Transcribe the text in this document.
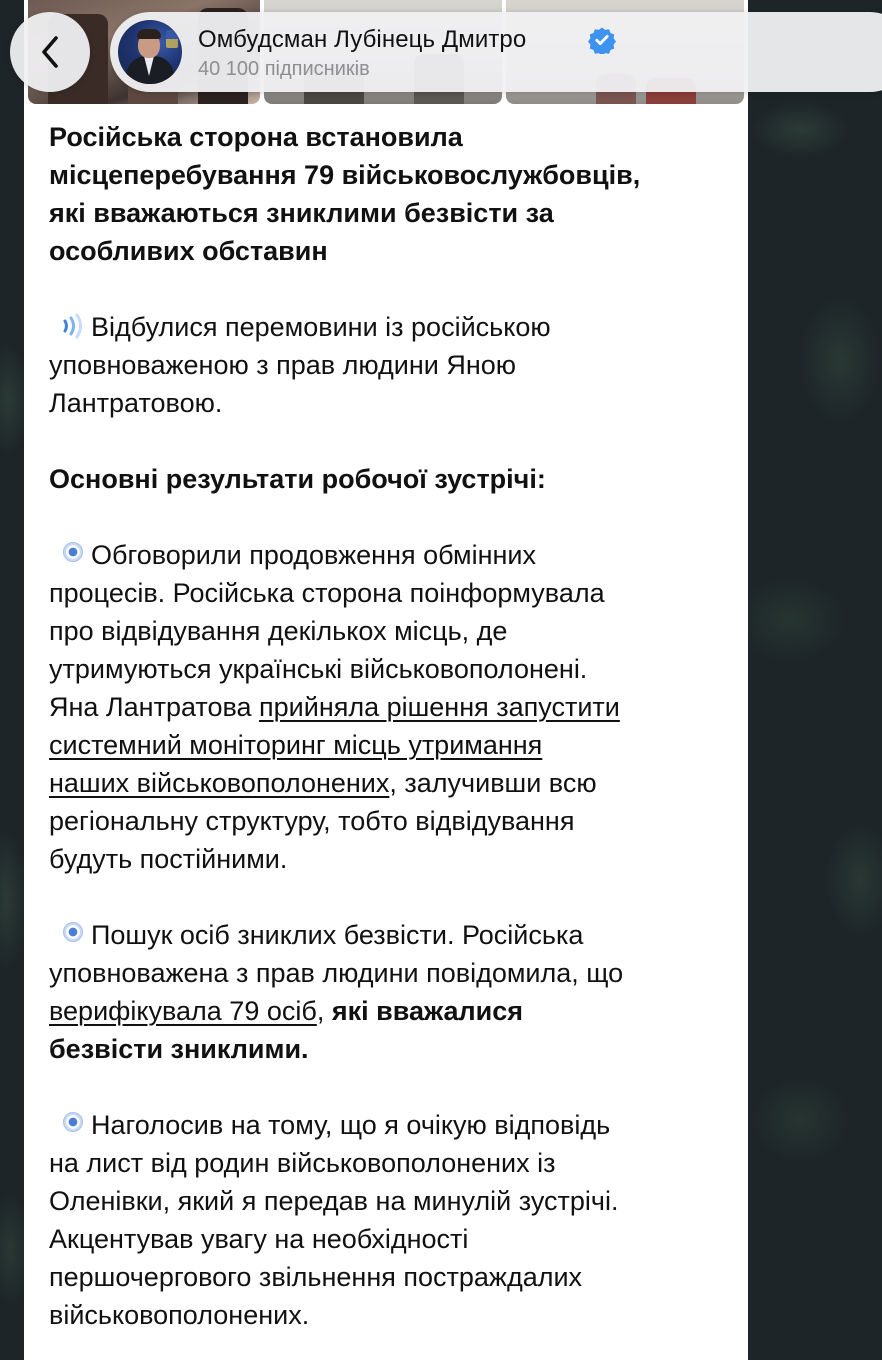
Омбудсман Лубінець Дмитро
40 100 підписників

Російська сторона встановила
місцеперебування 79 військовослужбовців,
які вважаються зниклими безвісти за
особливих обставин

Відбулися перемовини із російською
уповноваженою з прав людини Яною
Лантратовою.

Основні результати робочої зустрічі:

Обговорили продовження обмінних
процесів. Російська сторона поінформувала
про відвідування декількох місць, де
утримуються українські військовополонені.
Яна Лантратова прийняла рішення запустити
системний моніторинг місць утримання
наших військовополонених, залучивши всю
регіональну структуру, тобто відвідування
будуть постійними.

Пошук осіб зниклих безвісти. Російська
уповноважена з прав людини повідомила, що
верифікувала 79 осіб, які вважалися
безвісти зниклими.

Наголосив на тому, що я очікую відповідь
на лист від родин військовополонених із
Оленівки, який я передав на минулій зустрічі.
Акцентував увагу на необхідності
першочергового звільнення постраждалих
військовополонених.
